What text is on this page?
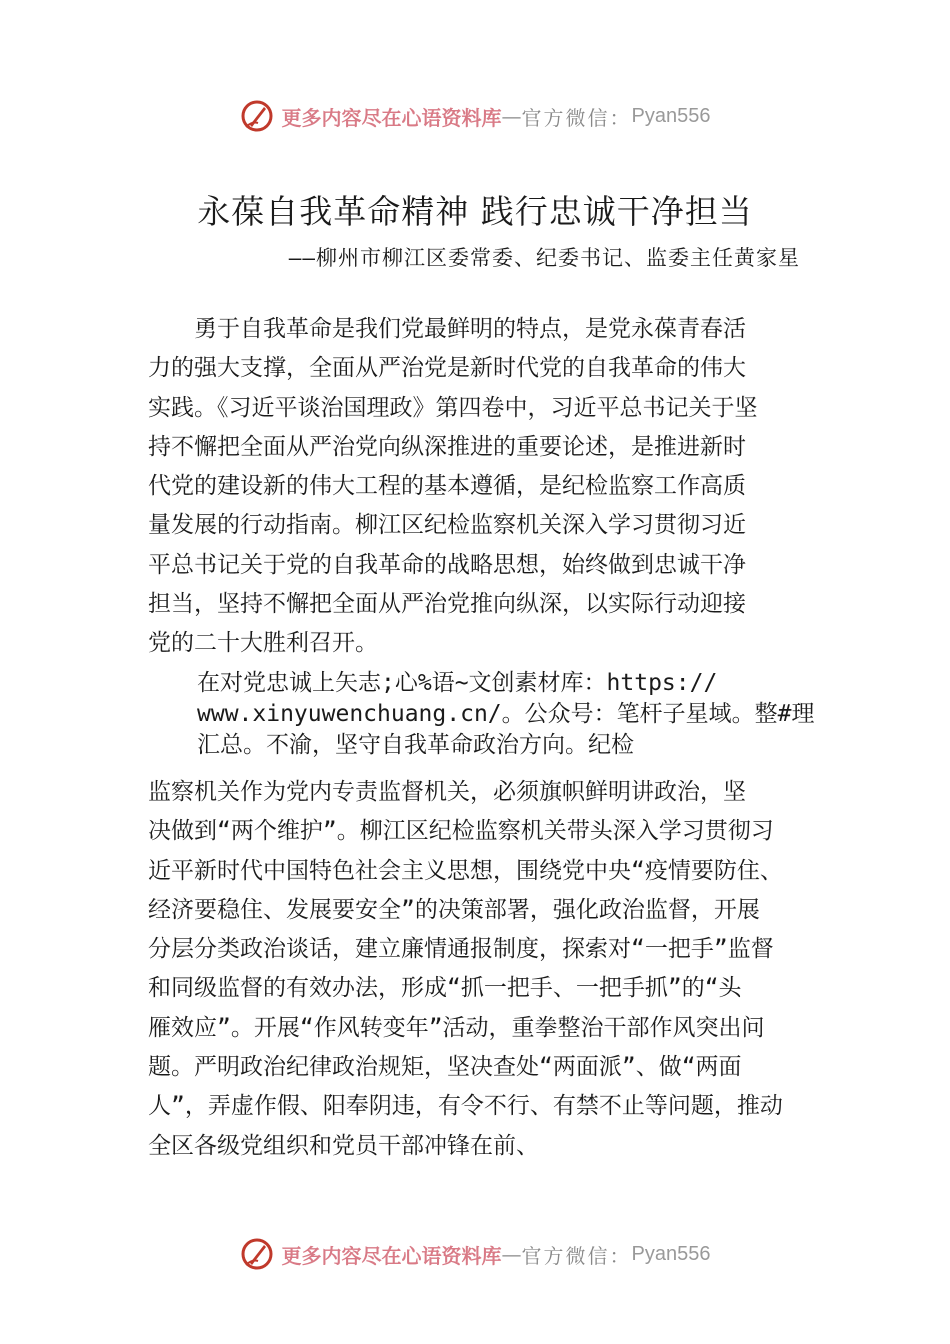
更多内容尽在心语资料库 — 官方微信： Pyan556
永葆自我革命精神 践行忠诚干净担当
——柳州市柳江区委常委、纪委书记、监委主任黄家星
　　勇于自我革命是我们党最鲜明的特点，是党永葆青春活
力的强大支撑，全面从严治党是新时代党的自我革命的伟大
实践。《习近平谈治国理政》第四卷中，习近平总书记关于坚
持不懈把全面从严治党向纵深推进的重要论述，是推进新时
代党的建设新的伟大工程的基本遵循，是纪检监察工作高质
量发展的行动指南。柳江区纪检监察机关深入学习贯彻习近
平总书记关于党的自我革命的战略思想，始终做到忠诚干净
担当，坚持不懈把全面从严治党推向纵深，以实际行动迎接
党的二十大胜利召开。
在对党忠诚上矢志;心%语~文创素材库：https://
www.xinyuwenchuang.cn/。公众号：笔杆子星域。整#理
汇总。不渝，坚守自我革命政治方向。纪检
监察机关作为党内专责监督机关，必须旗帜鲜明讲政治，坚
决做到“两个维护”。柳江区纪检监察机关带头深入学习贯彻习
近平新时代中国特色社会主义思想，围绕党中央“疫情要防住、
经济要稳住、发展要安全”的决策部署，强化政治监督，开展
分层分类政治谈话，建立廉情通报制度，探索对“一把手”监督
和同级监督的有效办法，形成“抓一把手、一把手抓”的“头
雁效应”。开展“作风转变年”活动，重拳整治干部作风突出问
题。严明政治纪律政治规矩，坚决查处“两面派”、做“两面
人”，弄虚作假、阳奉阴违，有令不行、有禁不止等问题，推动
全区各级党组织和党员干部冲锋在前、
更多内容尽在心语资料库 — 官方微信： Pyan556
